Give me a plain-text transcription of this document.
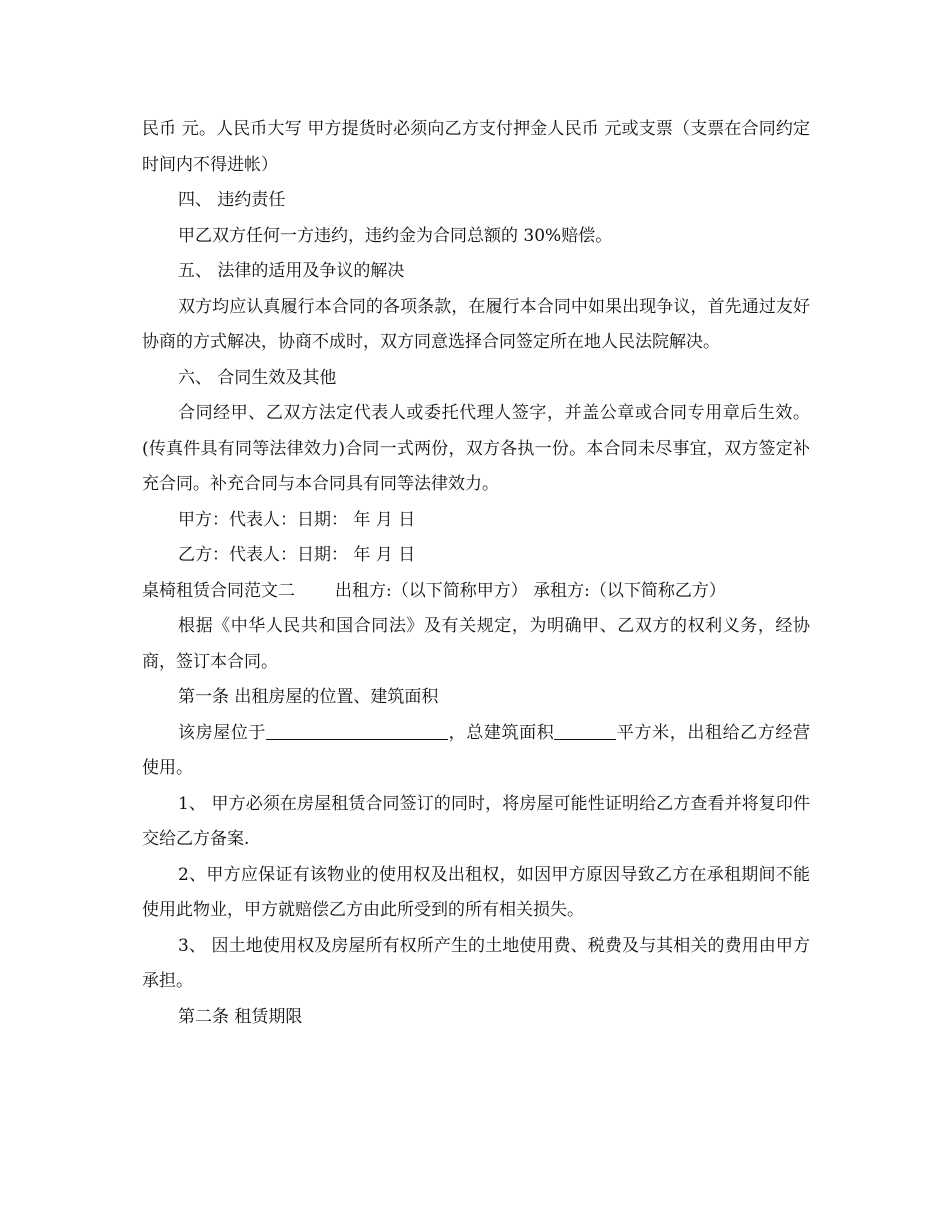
民币 元。人民币大写 甲方提货时必须向乙方支付押金人民币 元或支票（支票在合同约定时间内不得进帐）

四、 违约责任

甲乙双方任何一方违约，违约金为合同总额的 30%赔偿。

五、 法律的适用及争议的解决

双方均应认真履行本合同的各项条款，在履行本合同中如果出现争议，首先通过友好协商的方式解决，协商不成时，双方同意选择合同签定所在地人民法院解决。

六、 合同生效及其他

合同经甲、乙双方法定代表人或委托代理人签字，并盖公章或合同专用章后生效。(传真件具有同等法律效力)合同一式两份，双方各执一份。本合同未尽事宜，双方签定补充合同。补充合同与本合同具有同等法律效力。

甲方：代表人：日期： 年 月 日

乙方：代表人：日期： 年 月 日

桌椅租赁合同范文二 出租方:（以下简称甲方） 承租方:（以下简称乙方）

根据《中华人民共和国合同法》及有关规定，为明确甲、乙双方的权利义务，经协商，签订本合同。

第一条 出租房屋的位置、建筑面积

该房屋位于	，总建筑面积	平方米，出租给乙方经营使用。

1、 甲方必须在房屋租赁合同签订的同时，将房屋可能性证明给乙方查看并将复印件交给乙方备案.

2、甲方应保证有该物业的使用权及出租权，如因甲方原因导致乙方在承租期间不能使用此物业，甲方就赔偿乙方由此所受到的所有相关损失。

3、 因土地使用权及房屋所有权所产生的土地使用费、税费及与其相关的费用由甲方承担。

第二条 租赁期限
